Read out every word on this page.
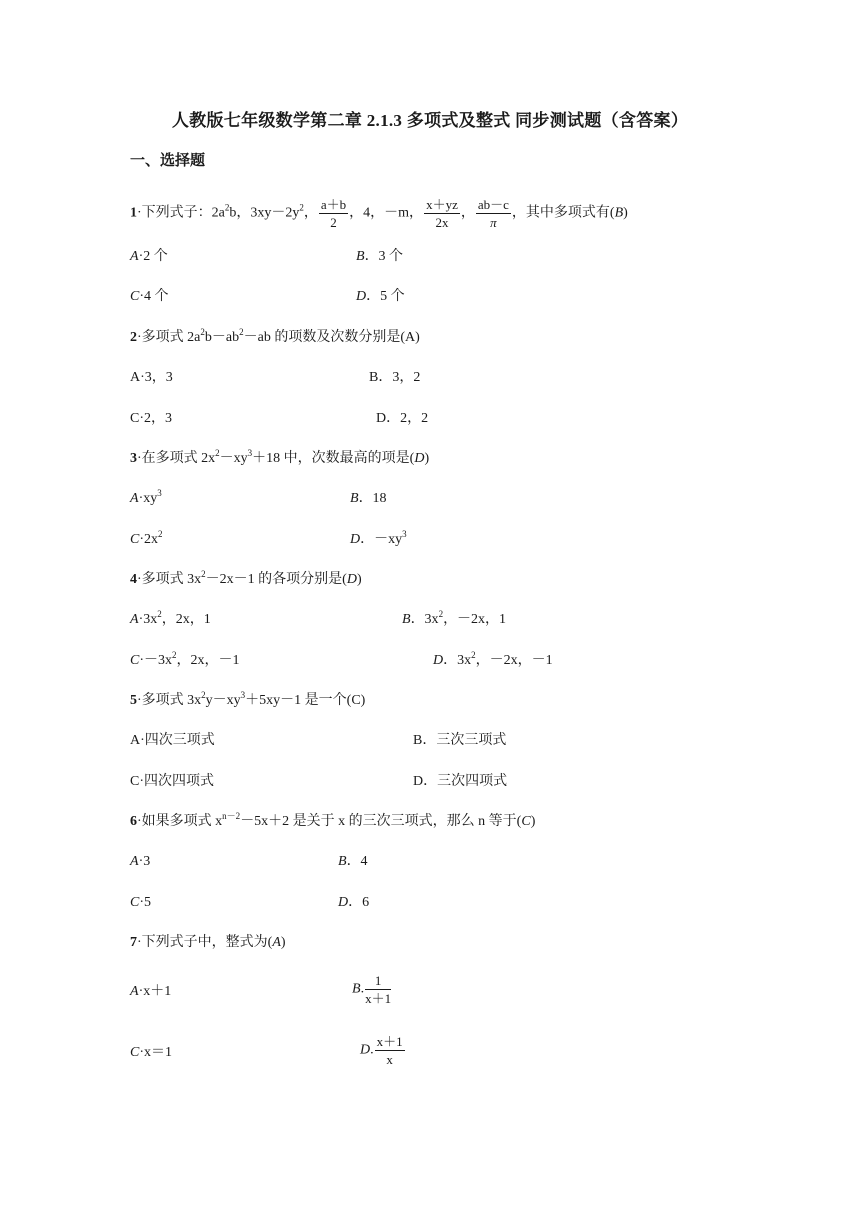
人教版七年级数学第二章 2.1.3 多项式及整式 同步测试题（含答案）
一、选择题
1·下列式子：$2a^2b$，$3xy-2y^2$， $\frac{a+b}{2}$ ，4，－m， $\frac{x+yz}{2x}$ ， $\frac{ab-c}{\pi}$ ，其中多项式有(B)
A·2 个	B．3 个
C·4 个	D．5 个
2·多项式 $2a^2b-ab^2-ab$ 的项数及次数分别是(A)
A·3，3	B．3，2
C·2，3	D．2，2
3·在多项式 $2x^2-xy^3+18$ 中，次数最高的项是(D)
$A\cdot xy^3$	B．18
$C\cdot 2x^2$	D．$-xy^3$
4·多项式 $3x^2-2x-1$ 的各项分别是(D)
$A\cdot 3x^2$，2x，1	B．$3x^2$，－2x，1
$C\cdot-3x^2$，2x，－1	D．$3x^2$，－2x，－1
5·多项式 $3x^2y-xy^3+5xy-1$ 是一个(C)
A·四次三项式	B．三次三项式
C·四次四项式	D．三次四项式
6·如果多项式 $x^{n-2}-5x+2$ 是关于 x 的三次三项式，那么 n 等于(C)
A·3	B．4
C·5	D．6
7·下列式子中，整式为(A)
A·x＋1	B. $\frac{1}{x+1}$
C·x＝1	D. $\frac{x+1}{x}$
